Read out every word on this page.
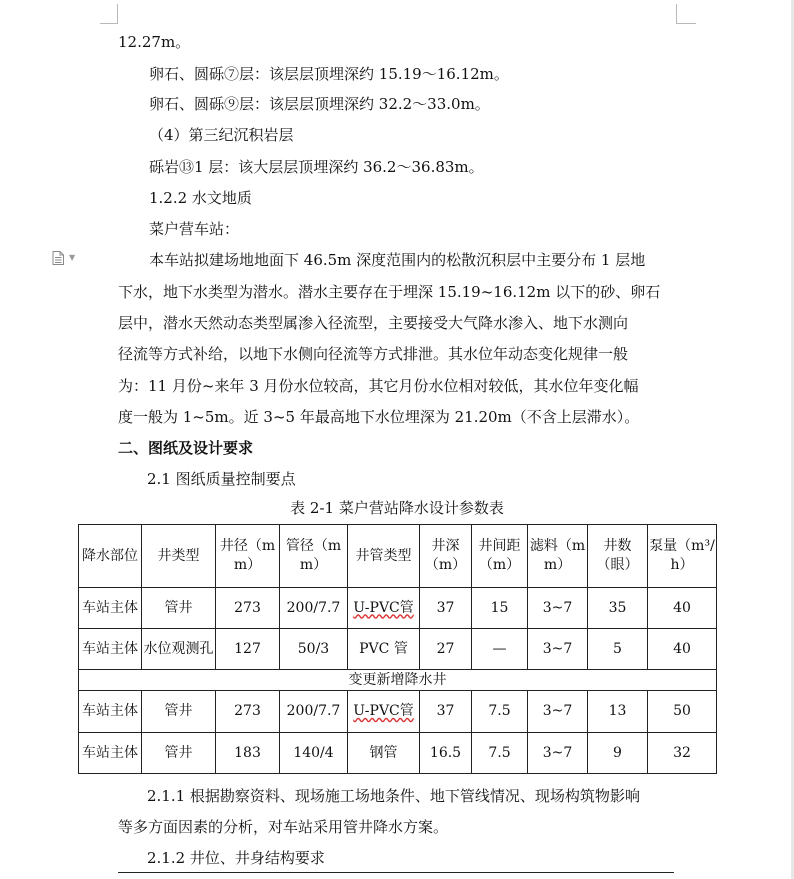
12.27m。
卵石、圆砾⑦层：该层层顶埋深约 15.19～16.12m。
卵石、圆砾⑨层：该层层顶埋深约 32.2～33.0m。
（4）第三纪沉积岩层
砾岩⑬1 层：该大层层顶埋深约 36.2～36.83m。
1.2.2 水文地质
菜户营车站：
▼	本车站拟建场地地面下 46.5m 深度范围内的松散沉积层中主要分布 1 层地
下水，地下水类型为潜水。潜水主要存在于埋深 15.19~16.12m 以下的砂、卵石
层中，潜水天然动态类型属渗入径流型，主要接受大气降水渗入、地下水测向
径流等方式补给，以地下水侧向径流等方式排泄。其水位年动态变化规律一般
为：11 月份~来年 3 月份水位较高，其它月份水位相对较低，其水位年变化幅
度一般为 1~5m。近 3~5 年最高地下水位埋深为 21.20m（不含上层滞水）。
二、图纸及设计要求
2.1 图纸质量控制要点
表 2-1 菜户营站降水设计参数表
降水部位	井类型	井径（mm）	管径（mm）	井管类型	井深（m）	井间距（m）	滤料（mm）	井数（眼）	泵量（m³/h）
车站主体	管井	273	200/7.7	U-PVC管	37	15	3~7	35	40
车站主体	水位观测孔	127	50/3	PVC 管	27	—	3~7	5	40
变更新增降水井									
车站主体	管井	273	200/7.7	U-PVC管	37	7.5	3~7	13	50
车站主体	管井	183	140/4	钢管	16.5	7.5	3~7	9	32
2.1.1 根据勘察资料、现场施工场地条件、地下管线情况、现场构筑物影响
等多方面因素的分析，对车站采用管井降水方案。
2.1.2 井位、井身结构要求
